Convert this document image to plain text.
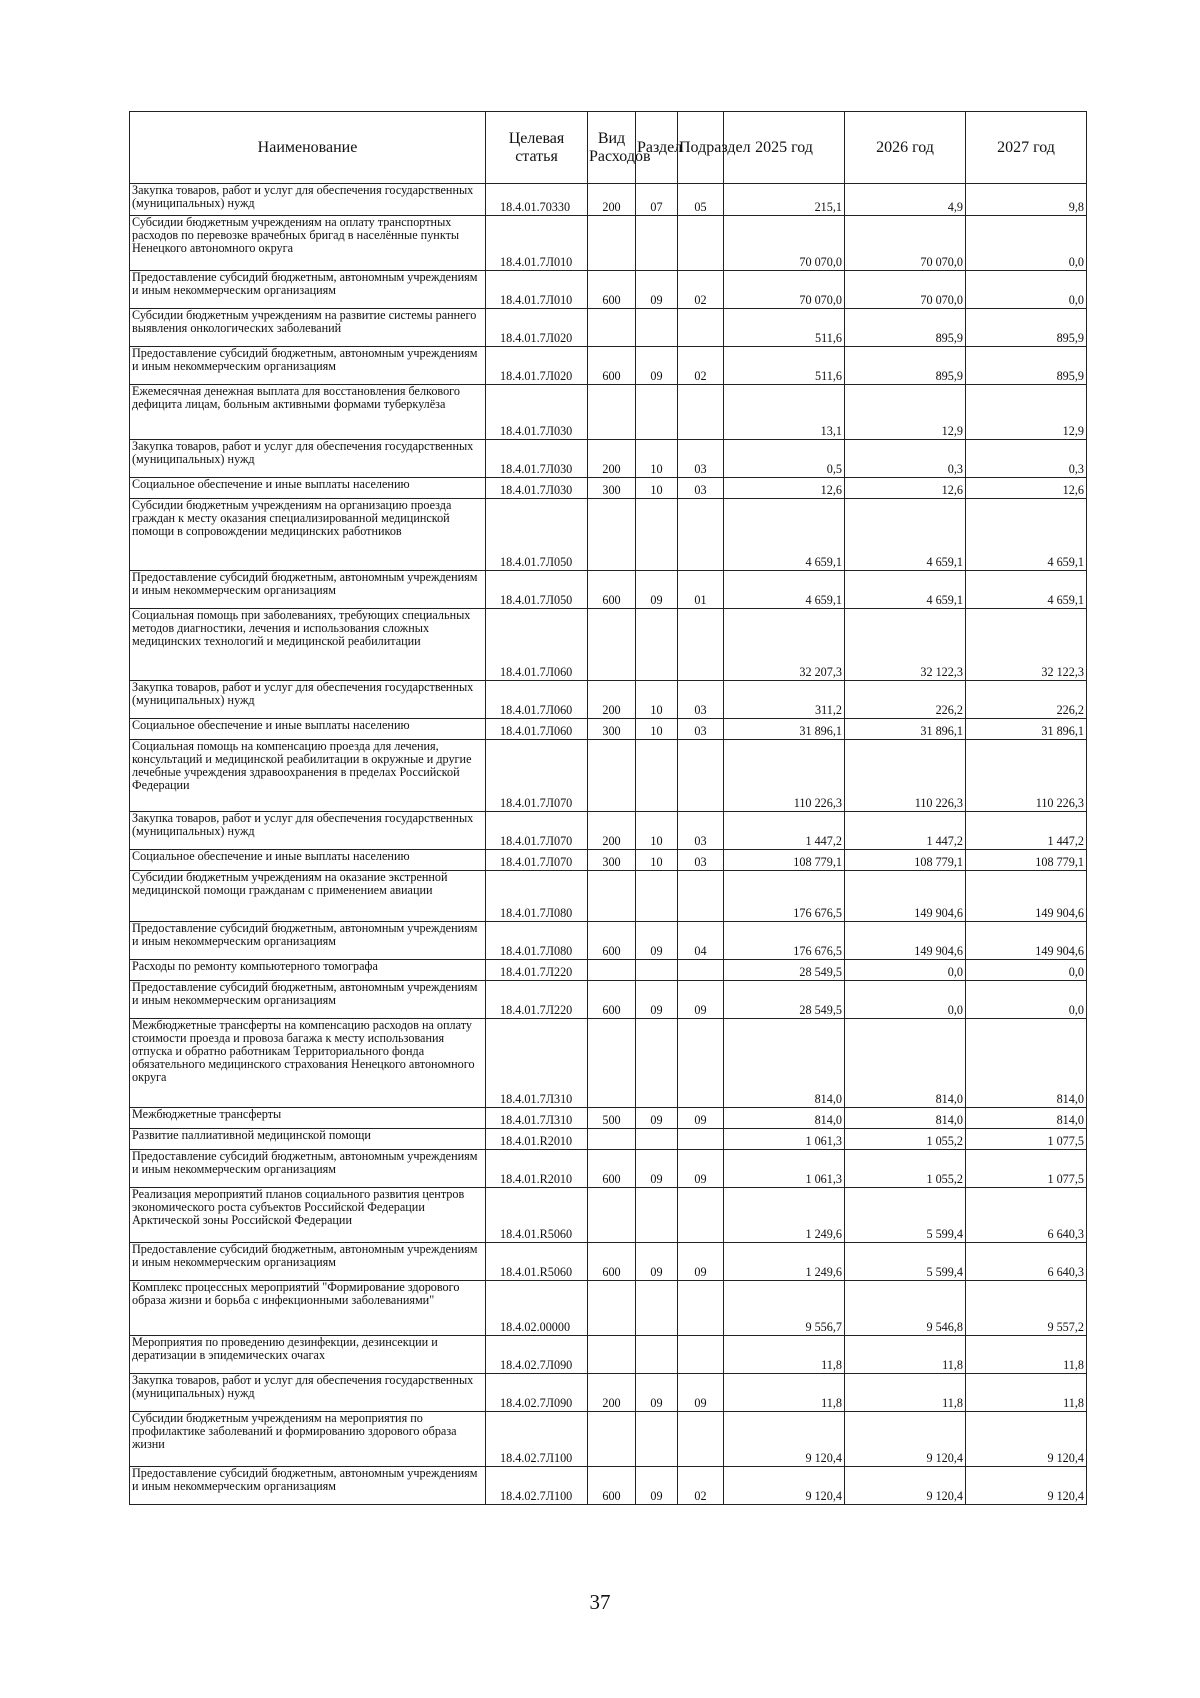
Наименование	Целевая статья	Вид Расходов	Раздел	Подраздел	2025 год	2026 год	2027 год
Закупка товаров, работ и услуг для обеспечения государственных (муниципальных) нужд	18.4.01.70330	200	07	05	215,1	4,9	9,8
Субсидии бюджетным учреждениям на оплату транспортных расходов по перевозке врачебных бригад в населённые пункты Ненецкого автономного округа	18.4.01.7Л010				70 070,0	70 070,0	0,0
Предоставление субсидий бюджетным, автономным учреждениям и иным некоммерческим организациям	18.4.01.7Л010	600	09	02	70 070,0	70 070,0	0,0
Субсидии бюджетным учреждениям на развитие системы раннего выявления онкологических заболеваний	18.4.01.7Л020				511,6	895,9	895,9
Предоставление субсидий бюджетным, автономным учреждениям и иным некоммерческим организациям	18.4.01.7Л020	600	09	02	511,6	895,9	895,9
Ежемесячная денежная выплата для восстановления белкового дефицита лицам, больным активными формами туберкулёза	18.4.01.7Л030				13,1	12,9	12,9
Закупка товаров, работ и услуг для обеспечения государственных (муниципальных) нужд	18.4.01.7Л030	200	10	03	0,5	0,3	0,3
Социальное обеспечение и иные выплаты населению	18.4.01.7Л030	300	10	03	12,6	12,6	12,6
Субсидии бюджетным учреждениям на организацию проезда граждан к месту оказания специализированной медицинской помощи в сопровождении медицинских работников	18.4.01.7Л050				4 659,1	4 659,1	4 659,1
Предоставление субсидий бюджетным, автономным учреждениям и иным некоммерческим организациям	18.4.01.7Л050	600	09	01	4 659,1	4 659,1	4 659,1
Социальная помощь при заболеваниях, требующих специальных методов диагностики, лечения и использования сложных медицинских технологий и медицинской реабилитации	18.4.01.7Л060				32 207,3	32 122,3	32 122,3
Закупка товаров, работ и услуг для обеспечения государственных (муниципальных) нужд	18.4.01.7Л060	200	10	03	311,2	226,2	226,2
Социальное обеспечение и иные выплаты населению	18.4.01.7Л060	300	10	03	31 896,1	31 896,1	31 896,1
Социальная помощь на компенсацию проезда для лечения, консультаций и медицинской реабилитации в окружные и другие лечебные учреждения здравоохранения в пределах Российской Федерации	18.4.01.7Л070				110 226,3	110 226,3	110 226,3
Закупка товаров, работ и услуг для обеспечения государственных (муниципальных) нужд	18.4.01.7Л070	200	10	03	1 447,2	1 447,2	1 447,2
Социальное обеспечение и иные выплаты населению	18.4.01.7Л070	300	10	03	108 779,1	108 779,1	108 779,1
Субсидии бюджетным учреждениям на оказание экстренной медицинской помощи гражданам с применением авиации	18.4.01.7Л080				176 676,5	149 904,6	149 904,6
Предоставление субсидий бюджетным, автономным учреждениям и иным некоммерческим организациям	18.4.01.7Л080	600	09	04	176 676,5	149 904,6	149 904,6
Расходы по ремонту компьютерного томографа	18.4.01.7Л220				28 549,5	0,0	0,0
Предоставление субсидий бюджетным, автономным учреждениям и иным некоммерческим организациям	18.4.01.7Л220	600	09	09	28 549,5	0,0	0,0
Межбюджетные трансферты на компенсацию расходов на оплату стоимости проезда и провоза багажа к месту использования отпуска и обратно работникам Территориального фонда обязательного медицинского страхования Ненецкого автономного округа	18.4.01.7Л310				814,0	814,0	814,0
Межбюджетные трансферты	18.4.01.7Л310	500	09	09	814,0	814,0	814,0
Развитие паллиативной медицинской помощи	18.4.01.R2010				1 061,3	1 055,2	1 077,5
Предоставление субсидий бюджетным, автономным учреждениям и иным некоммерческим организациям	18.4.01.R2010	600	09	09	1 061,3	1 055,2	1 077,5
Реализация мероприятий планов социального развития центров экономического роста субъектов Российской Федерации Арктической зоны Российской Федерации	18.4.01.R5060				1 249,6	5 599,4	6 640,3
Предоставление субсидий бюджетным, автономным учреждениям и иным некоммерческим организациям	18.4.01.R5060	600	09	09	1 249,6	5 599,4	6 640,3
Комплекс процессных мероприятий "Формирование здорового образа жизни и борьба с инфекционными заболеваниями"	18.4.02.00000				9 556,7	9 546,8	9 557,2
Мероприятия по проведению дезинфекции, дезинсекции и дератизации в эпидемических очагах	18.4.02.7Л090				11,8	11,8	11,8
Закупка товаров, работ и услуг для обеспечения государственных (муниципальных) нужд	18.4.02.7Л090	200	09	09	11,8	11,8	11,8
Субсидии бюджетным учреждениям на мероприятия по профилактике заболеваний и формированию здорового образа жизни	18.4.02.7Л100				9 120,4	9 120,4	9 120,4
Предоставление субсидий бюджетным, автономным учреждениям и иным некоммерческим организациям	18.4.02.7Л100	600	09	02	9 120,4	9 120,4	9 120,4
37
